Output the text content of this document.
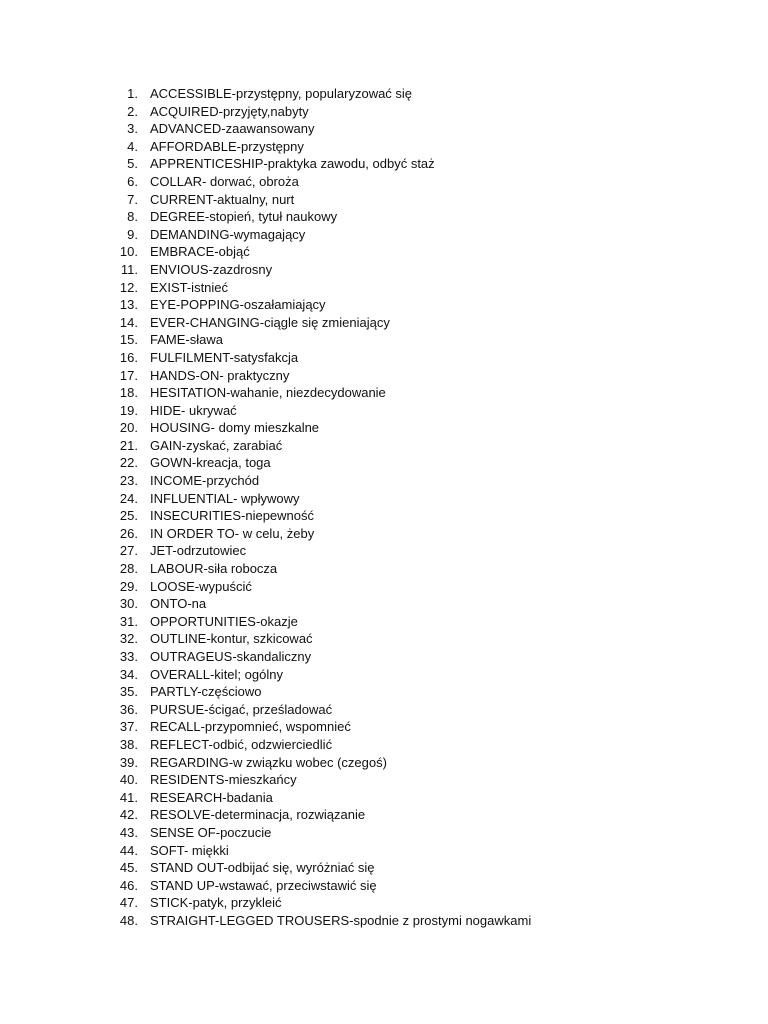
1. ACCESSIBLE-przystępny, popularyzować się
2. ACQUIRED-przyjęty,nabyty
3. ADVANCED-zaawansowany
4. AFFORDABLE-przystępny
5. APPRENTICESHIP-praktyka zawodu, odbyć staż
6. COLLAR- dorwać, obroża
7. CURRENT-aktualny, nurt
8. DEGREE-stopień, tytuł naukowy
9. DEMANDING-wymagający
10. EMBRACE-objąć
11. ENVIOUS-zazdrosny
12. EXIST-istnieć
13. EYE-POPPING-oszałamiający
14. EVER-CHANGING-ciągle się zmieniający
15. FAME-sława
16. FULFILMENT-satysfakcja
17. HANDS-ON- praktyczny
18. HESITATION-wahanie, niezdecydowanie
19. HIDE- ukrywać
20. HOUSING- domy mieszkalne
21. GAIN-zyskać, zarabiać
22. GOWN-kreacja, toga
23. INCOME-przychód
24. INFLUENTIAL- wpływowy
25. INSECURITIES-niepewność
26. IN ORDER TO- w celu, żeby
27. JET-odrzutowiec
28. LABOUR-siła robocza
29. LOOSE-wypuścić
30. ONTO-na
31. OPPORTUNITIES-okazje
32. OUTLINE-kontur, szkicować
33. OUTRAGEUS-skandaliczny
34. OVERALL-kitel; ogólny
35. PARTLY-częściowo
36. PURSUE-ścigać, prześladować
37. RECALL-przypomnieć, wspomnieć
38. REFLECT-odbić, odzwierciedlić
39. REGARDING-w związku wobec (czegoś)
40. RESIDENTS-mieszkańcy
41. RESEARCH-badania
42. RESOLVE-determinacja, rozwiązanie
43. SENSE OF-poczucie
44. SOFT- miękki
45. STAND OUT-odbijać się, wyróżniać się
46. STAND UP-wstawać, przeciwstawić się
47. STICK-patyk, przykleić
48. STRAIGHT-LEGGED TROUSERS-spodnie z prostymi nogawkami
